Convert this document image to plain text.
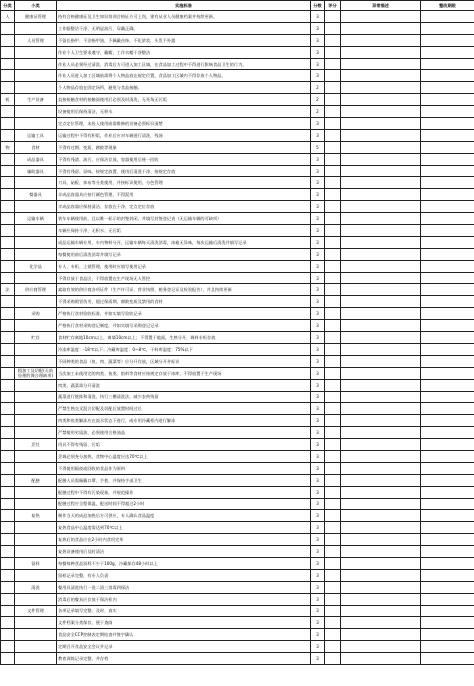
分类	小类	实施标准	分数	评分	异常描述	整改期限
人	健康证管理	持有合格健康证及卫生知识培训合格证方可上岗，建有从业人员健康档案并持续更新。	3			
		工作服整洁干净、无明显油污，穿戴正确。	3			
	人员管理	不留长指甲、不涂指甲油，不佩戴首饰，不化浓妆，头发不外露	3			
		作业个人卫生要求遵守，戴帽，工作衣帽干净整洁	3			
		作业人员必须经过清洗、消毒后方可进入加工区域，在食品加工过程中不得进行影响食品卫生的行为。	3			
		作业人员进入加工区域前需将个人物品放在规定位置，食品加工区域内不得存放个人物品。	3			
		个人物品存放在固定场所，避免与食品接触。	2			
机	生产设备	直接接触食材的接触面使用后必须及时清洗，无死角无污垢	2			
		设备使用后保持清洁，无积水	2			
		定点定位管理，未投入使用或需维修的设备必须标识清楚	3			
	运输工具	运输过程中不得有积垢，作业后应对车辆进行清洗，残汤	3			
物	食材	不得有过期、变质、腐败等现象	5			
	成品器具	不得有残渣、油污，应保洁存放，容器使用后统一回收	3			
	辅助器具	不得有残留、异味，按规定放置、使用后清洗干净、按规定存放	3			
		刀具、砧板、抹布等分类使用，并按标识使用，分色管理	3			
	餐器具	半成品容器具应按行颜色管理，不得混用	3			
		半成品容器应保持清洁、存放在干净、定点定位存放	3			
	运输车辆	装车车辆使用前，且以唯一标示的封签封闭，并填写封签登记表（无运输车辆的可缺项）	3			
		车辆应保持干净，无积水、无污垢	3			
		成品运输车辆专用，车内物料分开，运输车辆每天清洗消毒，冰箱无异味，每次运输后清洗并填写记录	3			
		每餐使用前后清洗消毒并填写记录	3			
	化学品	专人、专柜、上锁管理，使用时应填写使用记录	3			
		不得存放于食品区，不得放置在生产现场无人管控	3			
法	供应商管理	索取有效的供应商各项证件（生产许可证、营业执照、税务登记证及检验报告），并且持续更新	3			
		不得采购假冒伪劣、超过保质期、腐败变质及禁用的食材	3			
	采购	严格执行食材验收标准，并如实填写验收记录	3			
		严格执行食材采购登记制度，并如实填写采购登记记录	3			
	贮存	食材贮存离地10cm以上，离墙10cm以上；不得置于地面，生熟分开，调料专柜存放	3			
		冷冻库温度：-18℃以下；冷藏库温度：0~8℃，干料库湿度：75%以下	3			
		不同种类的食品（鱼、肉、蔬菜等）应分开存放，区域分开并标识	3			
	粗加工及切配(无前处理的课合理缺项)	当次加工未使用完的肉类、鱼类、馅料等食材应按规定存放于冰库，不得放置于生产现场	3			
		肉类、蔬菜需分开清洗	3			
		蔬菜进行挑拣和清洗，执行三槽清洗法，减少农药残留	3			
		严禁生熟交叉混合切配及切配后放置时间过长	3			
		肉类和鱼类解冻应在流水状态下进行，或专用冷藏柜内进行解冻	3			
		严禁使用劣质油，必须使用合格油品	3			
	烹饪	用具不得有残留、污垢	3			
		烹调必须充分加热，食物中心温度应达70℃以上	3			
		不得使用隔夜或回收的食品作为原料	3			
	配膳	配膳人员需佩戴口罩、手套，并保持手部卫生	3			
		配膳过程中不得有污染现象，并规范操作	3			
		配膳过程应全程保温，配送时间不得超过2小时	3			
	复热	制作当天的成品加热后方可供应，专人确认食品温度	3			
		复热食品中心温度需达到70℃以上	3			
		复热后的食品应在2小时内食用完毕	3			
		复热设备使用后及时清洁	3			
	留样	每餐每种食品留样不少于100g，冷藏保存48小时以上	3			
		留样记录完整，有专人负责	3			
	清洗	餐用具清洗执行一洗二清三消毒四保洁	3			
		消毒后的餐具应存放于保洁柜内	3			
	文件管理	各项记录填写完整、及时、真实	3			
		文件档案分类保存，便于查阅	3			
		食品安全CCP控制表定期检查并签字确认	3			
		定期召开食品安全会议并记录	3			
		教育训练记录完整，并存档	3			
